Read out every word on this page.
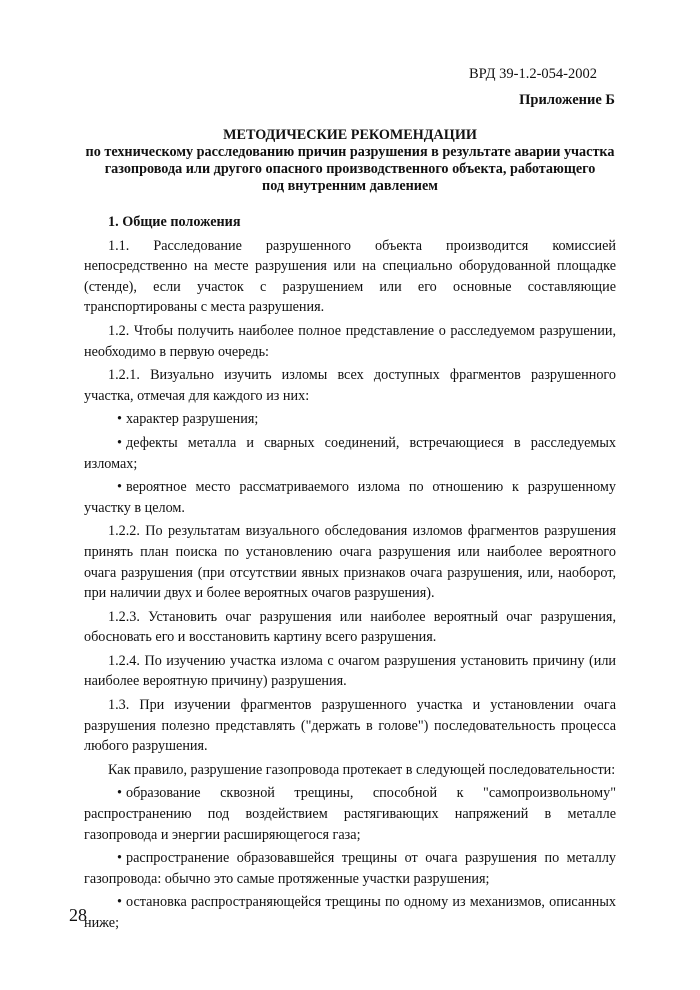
ВРД 39-1.2-054-2002
Приложение Б
МЕТОДИЧЕСКИЕ РЕКОМЕНДАЦИИ
по техническому расследованию причин разрушения в результате аварии участка
газопровода или другого опасного производственного объекта, работающего
под внутренним давлением
1. Общие положения

1.1. Расследование разрушенного объекта производится комиссией непосредственно на месте разрушения или на специально оборудованной площадке (стенде), если участок с разрушением или его основные составляющие транспортированы с места разрушения.

1.2. Чтобы получить наиболее полное представление о расследуемом разрушении, необходимо в первую очередь:

1.2.1. Визуально изучить изломы всех доступных фрагментов разрушенного участка, отмечая для каждого из них:

• характер разрушения;

• дефекты металла и сварных соединений, встречающиеся в расследуемых изломах;

• вероятное место рассматриваемого излома по отношению к разрушенному участку в целом.

1.2.2. По результатам визуального обследования изломов фрагментов разрушения принять план поиска по установлению очага разрушения или наиболее вероятного очага разрушения (при отсутствии явных признаков очага разрушения, или, наоборот, при наличии двух и более вероятных очагов разрушения).

1.2.3. Установить очаг разрушения или наиболее вероятный очаг разрушения, обосновать его и восстановить картину всего разрушения.

1.2.4. По изучению участка излома с очагом разрушения установить причину (или наиболее вероятную причину) разрушения.

1.3. При изучении фрагментов разрушенного участка и установлении очага разрушения полезно представлять ("держать в голове") последовательность процесса любого разрушения.

Как правило, разрушение газопровода протекает в следующей последовательности:

• образование сквозной трещины, способной к "самопроизвольному" распространению под воздействием растягивающих напряжений в металле газопровода и энергии расширяющегося газа;

• распространение образовавшейся трещины от очага разрушения по металлу газопровода: обычно это самые протяженные участки разрушения;

• остановка распространяющейся трещины по одному из механизмов, описанных ниже;

28
